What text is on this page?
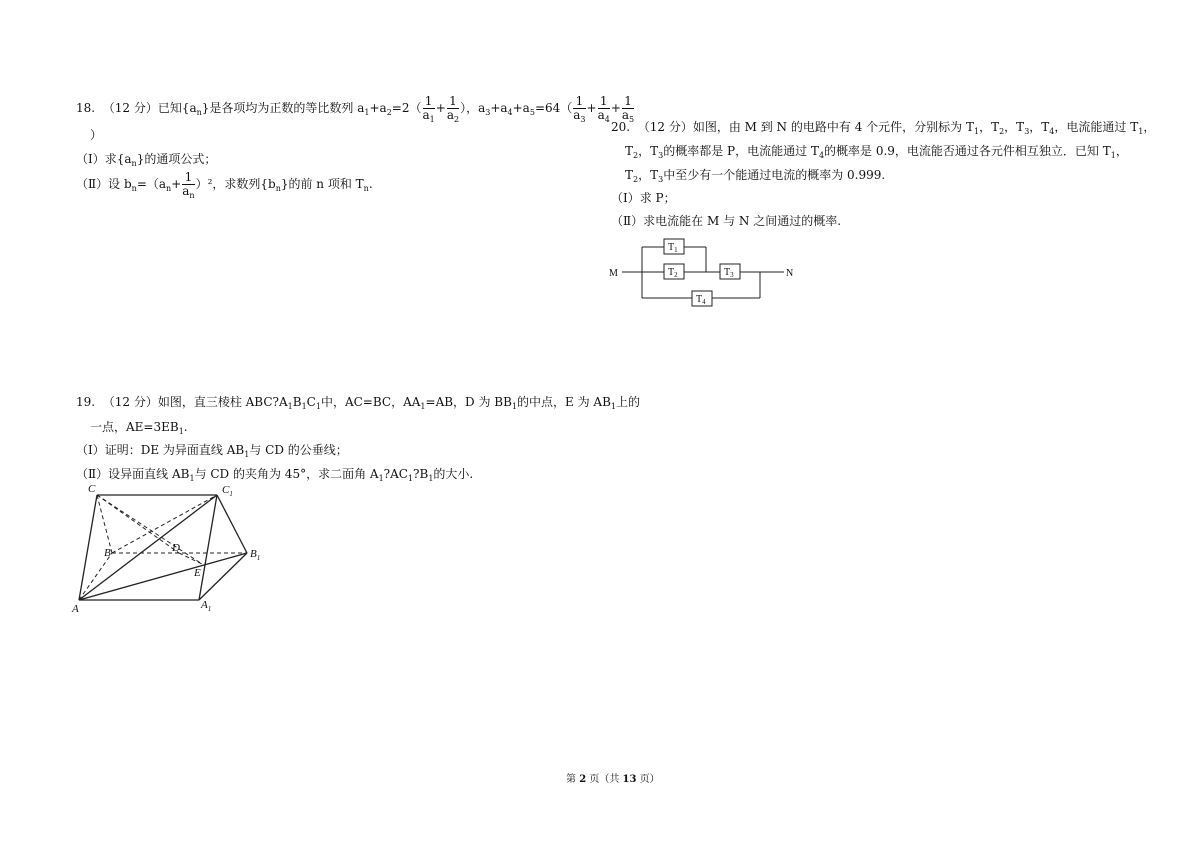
18. （12 分）已知$\{a_n\}$是各项均为正数的等比数列 $a_1+a_2=2( \frac{1}{a_1} + \frac{1}{a_2}$ ），$a_3+a_4+a_5=64( \frac{1}{a_3} + \frac{1}{a_4} + \frac{1}{a_5}$
）
（Ⅰ）求$\{a_n\}$的通项公式；
（Ⅱ）设 $b_n=(a_n+ \frac{1}{a_n} )^2$，求数列$\{b_n\}$的前 n 项和 $T_n$.
19. （12 分）如图，直三棱柱 $ABC?A_1B_1C_1$中，AC=BC，$AA_1=AB$，D 为 $BB_1$的中点，E 为 $AB_1$上的
一点，$AE=3EB_1$.
（Ⅰ）证明：DE 为异面直线 $AB_1$与 CD 的公垂线；
（Ⅱ）设异面直线 $AB_1$与 CD 的夹角为 45°，求二面角 $A_1?AC_1?B_1$的大小.
C	$C_1$
B	D	$B_1$
E
A	$A_1$
20. （12 分）如图，由 M 到 N 的电路中有 4 个元件，分别标为 $T_1$，$T_2$，$T_3$，$T_4$，电流能通过 $T_1$，
$T_2$，$T_3$的概率都是 P，电流能通过 $T_4$的概率是 0.9，电流能否通过各元件相互独立．已知 $T_1$，
$T_2$，$T_3$中至少有一个能通过电流的概率为 0.999.
（Ⅰ）求 P；
（Ⅱ）求电流能在 M 与 N 之间通过的概率.
M	N
$T_1$
$T_2$	$T_3$
$T_4$
第 2 页（共 13 页）
